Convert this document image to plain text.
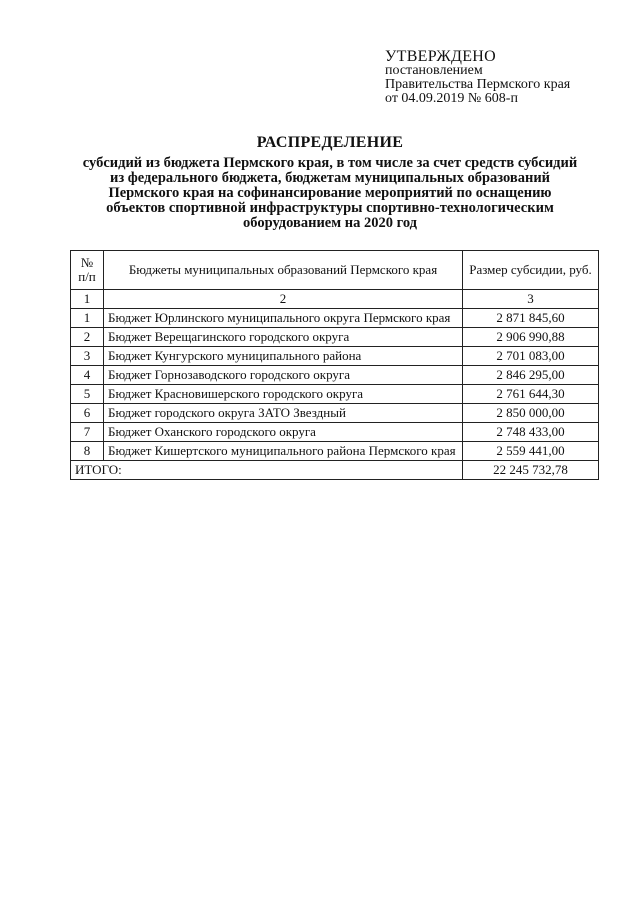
УТВЕРЖДЕНО
постановлением
Правительства Пермского края
от 04.09.2019 № 608-п
РАСПРЕДЕЛЕНИЕ
субсидий из бюджета Пермского края, в том числе за счет средств субсидий
из федерального бюджета, бюджетам муниципальных образований
Пермского края на софинансирование мероприятий по оснащению
объектов спортивной инфраструктуры спортивно-технологическим
оборудованием на 2020 год
№
п/п	Бюджеты муниципальных образований Пермского края	Размер субсидии, руб.
1	2	3
1	Бюджет Юрлинского муниципального округа Пермского края	2 871 845,60
2	Бюджет Верещагинского городского округа	2 906 990,88
3	Бюджет Кунгурского муниципального района	2 701 083,00
4	Бюджет Горнозаводского городского округа	2 846 295,00
5	Бюджет Красновишерского городского округа	2 761 644,30
6	Бюджет городского округа ЗАТО Звездный	2 850 000,00
7	Бюджет Оханского городского округа	2 748 433,00
8	Бюджет Кишертского муниципального района Пермского края	2 559 441,00
ИТОГО:		22 245 732,78
